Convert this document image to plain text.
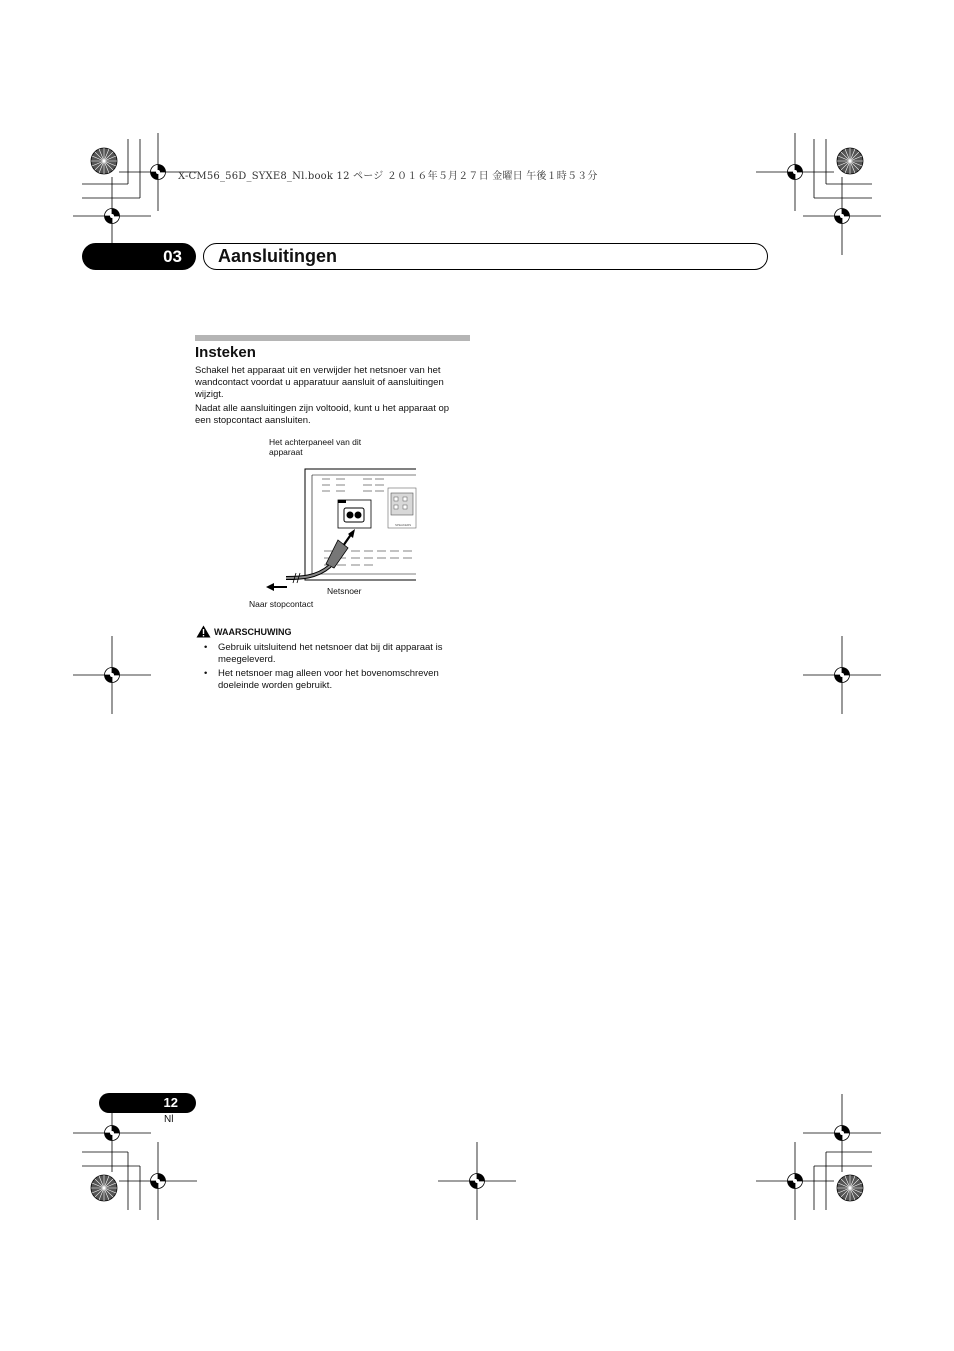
X-CM56_56D_SYXE8_Nl.book 12 ページ ２０１６年５月２７日 金曜日 午後１時５３分
03	Aansluitingen
Insteken
Schakel het apparaat uit en verwijder het netsnoer van het
wandcontact voordat u apparatuur aansluit of aansluitingen
wijzigt.
Nadat alle aansluitingen zijn voltooid, kunt u het apparaat op
een stopcontact aansluiten.
Het achterpaneel van dit
apparaat
Netsnoer
Naar stopcontact
SPEAKERS
WAARSCHUWING
• Gebruik uitsluitend het netsnoer dat bij dit apparaat is
meegeleverd.
• Het netsnoer mag alleen voor het bovenomschreven
doeleinde worden gebruikt.
12
Nl
